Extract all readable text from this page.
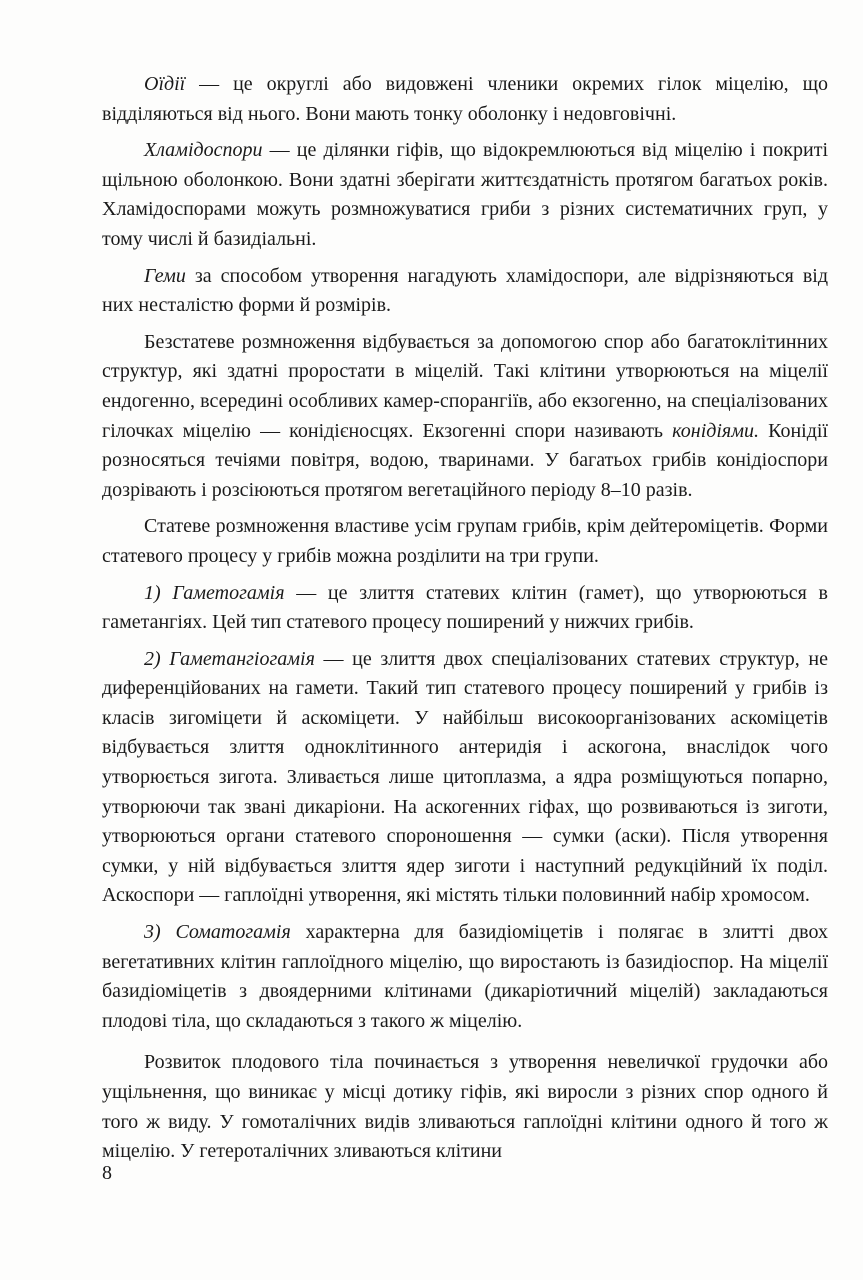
Оїдії — це округлі або видовжені членики окремих гілок міцелію, що відділяються від нього. Вони мають тонку оболонку і недовговічні.

Хламідоспори — це ділянки гіфів, що відокремлюються від міцелію і покриті щільною оболонкою. Вони здатні зберігати життєздатність протягом багатьох років. Хламідоспорами можуть розмножуватися гриби з різних систематичних груп, у тому числі й базидіальні.

Геми за способом утворення нагадують хламідоспори, але відрізняються від них несталістю форми й розмірів.

Безстатеве розмноження відбувається за допомогою спор або багатоклітинних структур, які здатні проростати в міцелій. Такі клітини утворюються на міцелії ендогенно, всередині особливих камер-спорангіїв, або екзогенно, на спеціалізованих гілочках міцелію — конідієносцях. Екзогенні спори називають конідіями. Конідії розносяться течіями повітря, водою, тваринами. У багатьох грибів конідіоспори дозрівають і розсіюються протягом вегетаційного періоду 8–10 разів.

Статеве розмноження властиве усім групам грибів, крім дейтероміцетів. Форми статевого процесу у грибів можна розділити на три групи.

1) Гаметогамія — це злиття статевих клітин (гамет), що утворюються в гаметангіях. Цей тип статевого процесу поширений у нижчих грибів.

2) Гаметангіогамія — це злиття двох спеціалізованих статевих структур, не диференційованих на гамети. Такий тип статевого процесу поширений у грибів із класів зигоміцети й аскоміцети. У найбільш високоорганізованих аскоміцетів відбувається злиття одноклітинного антеридія і аскогона, внаслідок чого утворюється зигота. Зливається лише цитоплазма, а ядра розміщуються попарно, утворюючи так звані дикаріони. На аскогенних гіфах, що розвиваються із зиготи, утворюються органи статевого спороношення — сумки (аски). Після утворення сумки, у ній відбувається злиття ядер зиготи і наступний редукційний їх поділ. Аскоспори — гаплоїдні утворення, які містять тільки половинний набір хромосом.

3) Соматогамія характерна для базидіоміцетів і полягає в злитті двох вегетативних клітин гаплоїдного міцелію, що виростають із базидіоспор. На міцелії базидіоміцетів з двоядерними клітинами (дикаріотичний міцелій) закладаються плодові тіла, що складаються з такого ж міцелію.

Розвиток плодового тіла починається з утворення невеличкої грудочки або ущільнення, що виникає у місці дотику гіфів, які виросли з різних спор одного й того ж виду. У гомоталічних видів зливаються гаплоїдні клітини одного й того ж міцелію. У гетероталічних зливаються клітини

8
